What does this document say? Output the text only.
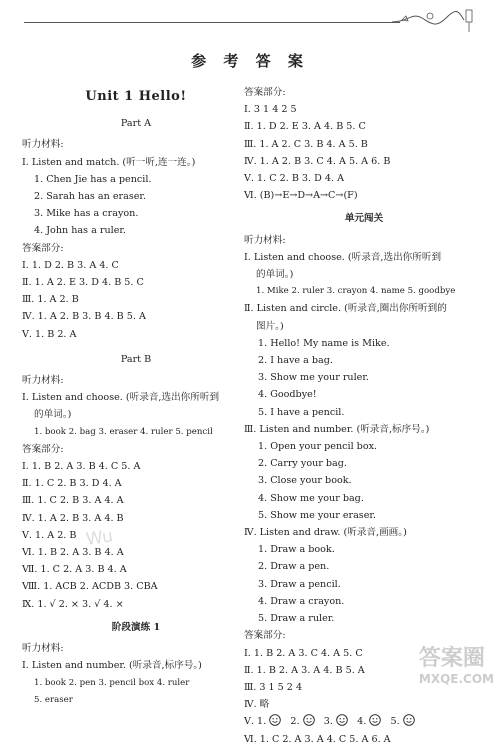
参 考 答 案
Unit 1 Hello!
Part A
听力材料:
Ⅰ. Listen and match. (听一听,连一连。)
1. Chen Jie has a pencil.
2. Sarah has an eraser.
3. Mike has a crayon.
4. John has a ruler.
答案部分:
Ⅰ. 1. D 2. B 3. A 4. C
Ⅱ. 1. A 2. E 3. D 4. B 5. C
Ⅲ. 1. A 2. B
Ⅳ. 1. A 2. B 3. B 4. B 5. A
Ⅴ. 1. B 2. A
Part B
听力材料:
Ⅰ. Listen and choose. (听录音,选出你所听到
的单词。)
1. book 2. bag 3. eraser 4. ruler 5. pencil
答案部分:
Ⅰ. 1. B 2. A 3. B 4. C 5. A
Ⅱ. 1. C 2. B 3. D 4. A
Ⅲ. 1. C 2. B 3. A 4. A
Ⅳ. 1. A 2. B 3. A 4. B
Ⅴ. 1. A 2. B
Ⅵ. 1. B 2. A 3. B 4. A
Ⅶ. 1. C 2. A 3. B 4. A
Ⅷ. 1. ACB 2. ACDB 3. CBA
Ⅸ. 1. √ 2. × 3. √ 4. ×
阶段演练 1
听力材料:
Ⅰ. Listen and number. (听录音,标序号。)
1. book 2. pen 3. pencil box 4. ruler
5. eraser
答案部分:
Ⅰ. 3 1 4 2 5
Ⅱ. 1. D 2. E 3. A 4. B 5. C
Ⅲ. 1. A 2. C 3. B 4. A 5. B
Ⅳ. 1. A 2. B 3. C 4. A 5. A 6. B
Ⅴ. 1. C 2. B 3. D 4. A
Ⅵ. (B)→E→D→A→C→(F)
单元闯关
听力材料:
Ⅰ. Listen and choose. (听录音,选出你所听到
的单词。)
1. Mike 2. ruler 3. crayon 4. name 5. goodbye
Ⅱ. Listen and circle. (听录音,圈出你所听到的
图片。)
1. Hello! My name is Mike.
2. I have a bag.
3. Show me your ruler.
4. Goodbye!
5. I have a pencil.
Ⅲ. Listen and number. (听录音,标序号。)
1. Open your pencil box.
2. Carry your bag.
3. Close your book.
4. Show me your bag.
5. Show me your eraser.
Ⅳ. Listen and draw. (听录音,画画。)
1. Draw a book.
2. Draw a pen.
3. Draw a pencil.
4. Draw a crayon.
5. Draw a ruler.
答案部分:
Ⅰ. 1. B 2. A 3. C 4. A 5. C
Ⅱ. 1. B 2. A 3. A 4. B 5. A
Ⅲ. 3 1 5 2 4
Ⅳ. 略
Ⅴ. 1.	2.	3.	4.	5.
Ⅵ. 1. C 2. A 3. A 4. C 5. A 6. A
Wu
答案圈
MXQE.COM
